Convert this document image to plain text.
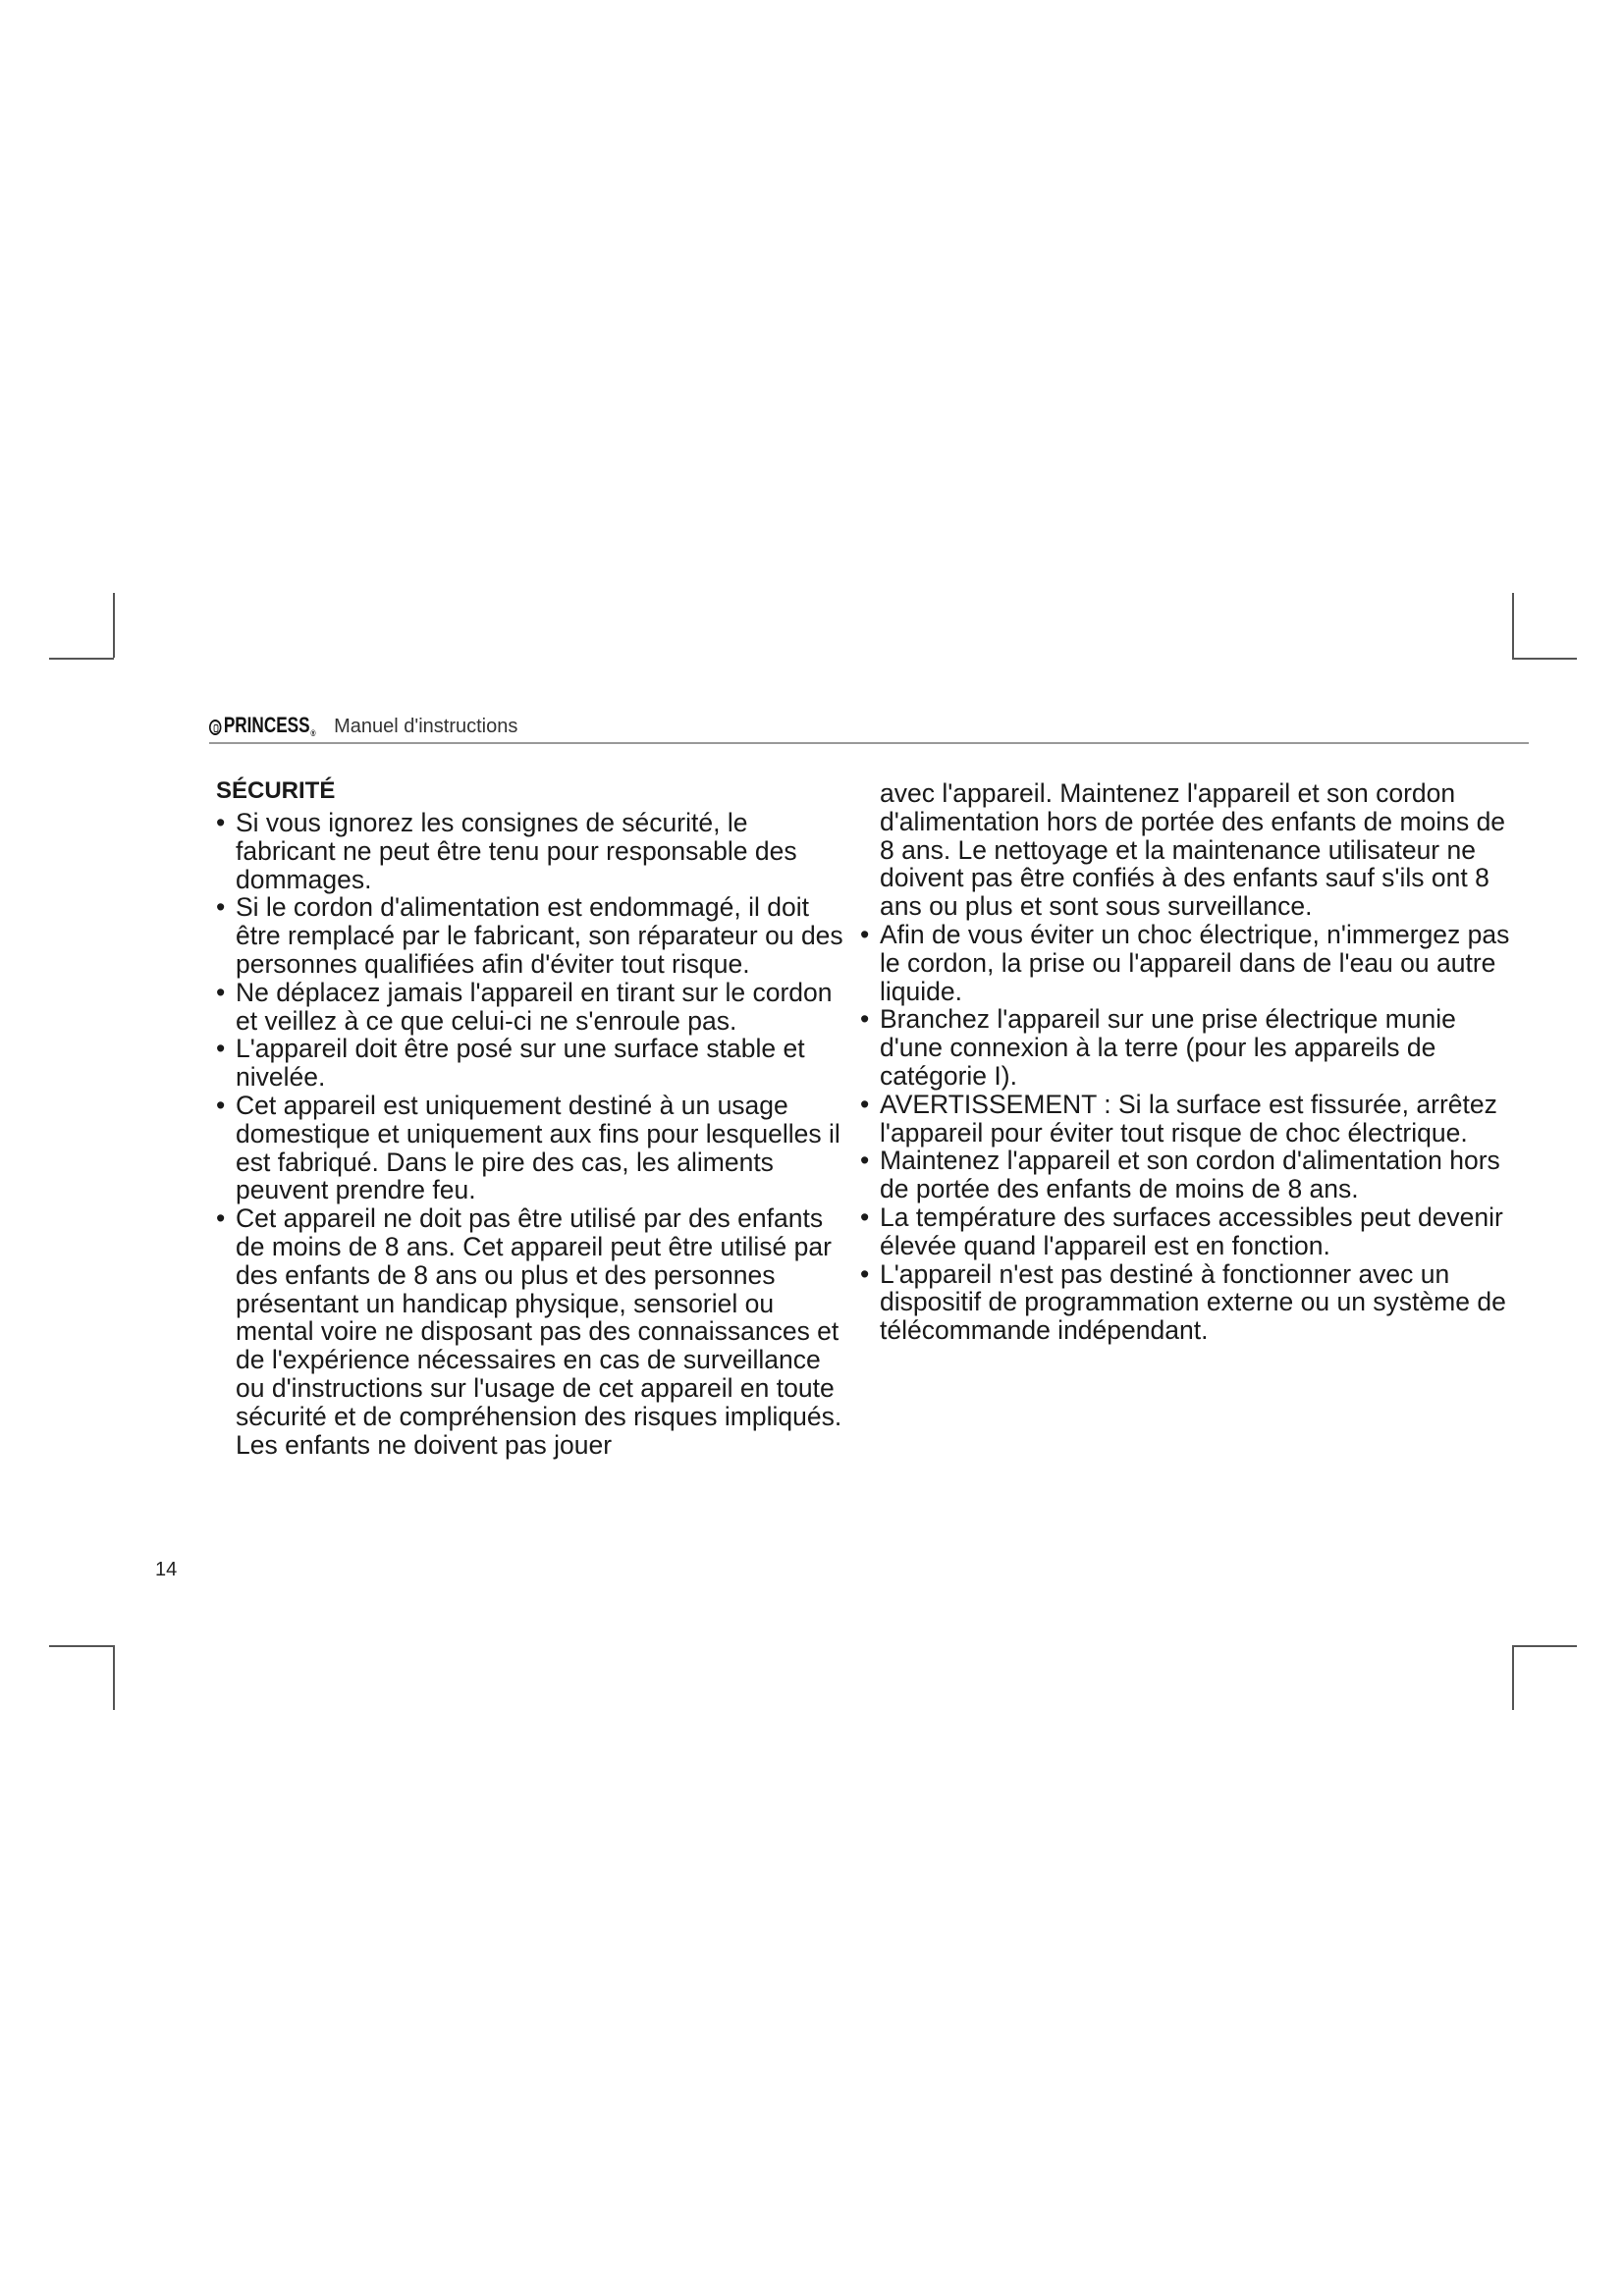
PRINCESS ® Manuel d'instructions
SÉCURITÉ
• Si vous ignorez les consignes de sécurité, le fabricant ne peut être tenu pour responsable des dommages.
• Si le cordon d'alimentation est endommagé, il doit être remplacé par le fabricant, son réparateur ou des personnes qualifiées afin d'éviter tout risque.
• Ne déplacez jamais l'appareil en tirant sur le cordon et veillez à ce que celui-ci ne s'enroule pas.
• L'appareil doit être posé sur une surface stable et nivelée.
• Cet appareil est uniquement destiné à un usage domestique et uniquement aux fins pour lesquelles il est fabriqué. Dans le pire des cas, les aliments peuvent prendre feu.
• Cet appareil ne doit pas être utilisé par des enfants de moins de 8 ans. Cet appareil peut être utilisé par des enfants de 8 ans ou plus et des personnes présentant un handicap physique, sensoriel ou mental voire ne disposant pas des connaissances et de l'expérience nécessaires en cas de surveillance ou d'instructions sur l'usage de cet appareil en toute sécurité et de compréhension des risques impliqués. Les enfants ne doivent pas jouer
avec l'appareil. Maintenez l'appareil et son cordon d'alimentation hors de portée des enfants de moins de 8 ans. Le nettoyage et la maintenance utilisateur ne doivent pas être confiés à des enfants sauf s'ils ont 8 ans ou plus et sont sous surveillance.
• Afin de vous éviter un choc électrique, n'immergez pas le cordon, la prise ou l'appareil dans de l'eau ou autre liquide.
• Branchez l'appareil sur une prise électrique munie d'une connexion à la terre (pour les appareils de catégorie I).
• AVERTISSEMENT : Si la surface est fissurée, arrêtez l'appareil pour éviter tout risque de choc électrique.
• Maintenez l'appareil et son cordon d'alimentation hors de portée des enfants de moins de 8 ans.
• La température des surfaces accessibles peut devenir élevée quand l'appareil est en fonction.
• L'appareil n'est pas destiné à fonctionner avec un dispositif de programmation externe ou un système de télécommande indépendant.
14
